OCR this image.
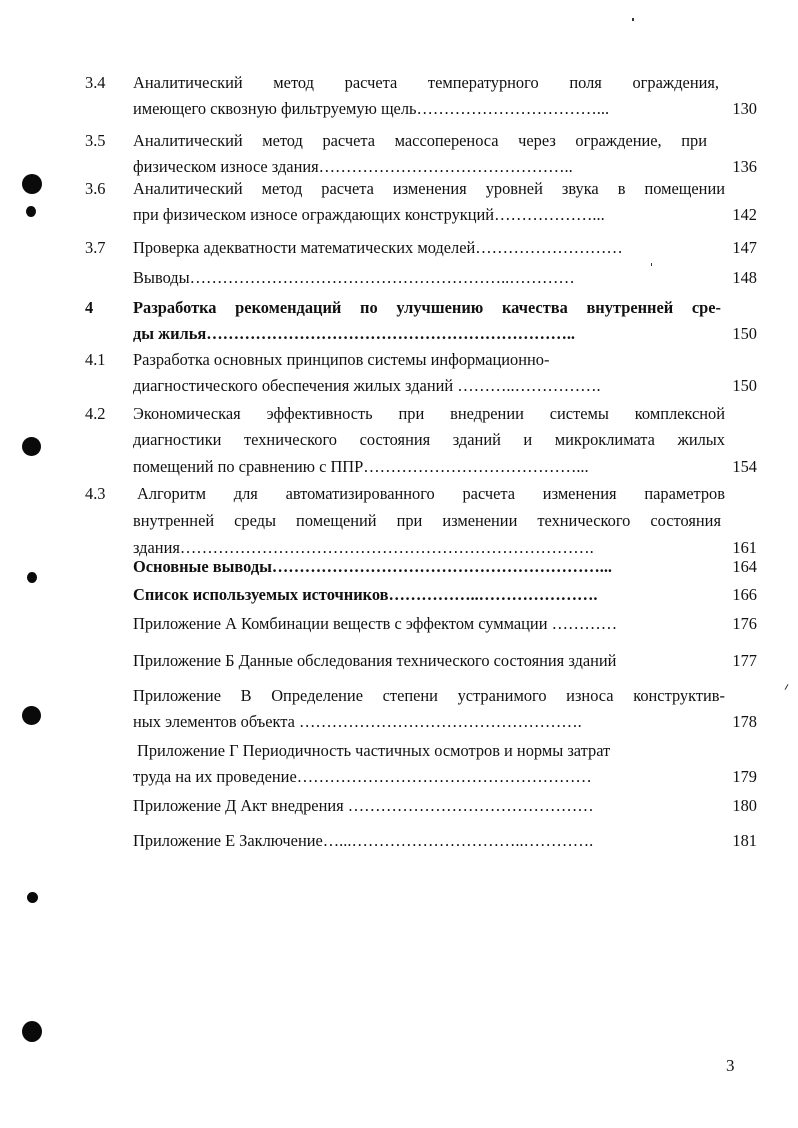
3.4	Аналитический метод расчета температурного поля ограждения,
имеющего сквозную фильтруемую щель……………………………...	130
3.5	Аналитический метод расчета массопереноса через ограждение, при
физическом износе здания………………………………………..	136
3.6	Аналитический метод расчета изменения уровней звука в помещении
при физическом износе ограждающих конструкций………………...	142
3.7	Проверка адекватности математических моделей………………………	147
Выводы…………………………………………………..…………	148
4	Разработка рекомендаций по улучшению качества внутренней сре-
ды жилья…………………………………………………………..	150
4.1	Разработка основных принципов системы информационно-
диагностического обеспечения жилых зданий ………..…………….	150
4.2	Экономическая эффективность при внедрении системы комплексной
диагностики технического состояния зданий и микроклимата жилых
помещений по сравнению с ППР…………………………………...	154
4.3	Алгоритм для автоматизированного расчета изменения параметров
внутренней среды помещений при изменении технического состояния
здания………………………………………………………………….	161
Основные выводы……………………………………………………...	164
Список используемых источников……………..………………….	166
Приложение А Комбинации веществ с эффектом суммации …………	176
Приложение Б Данные обследования технического состояния зданий	177
Приложение В Определение степени устранимого износа конструктив-
ных элементов объекта …………………………………………….	178
Приложение Г Периодичность частичных осмотров и нормы затрат
труда на их проведение………………………………………………	179
Приложение Д Акт внедрения ………………………………………	180
Приложение Е Заключение…...…………………………..………….	181
3
